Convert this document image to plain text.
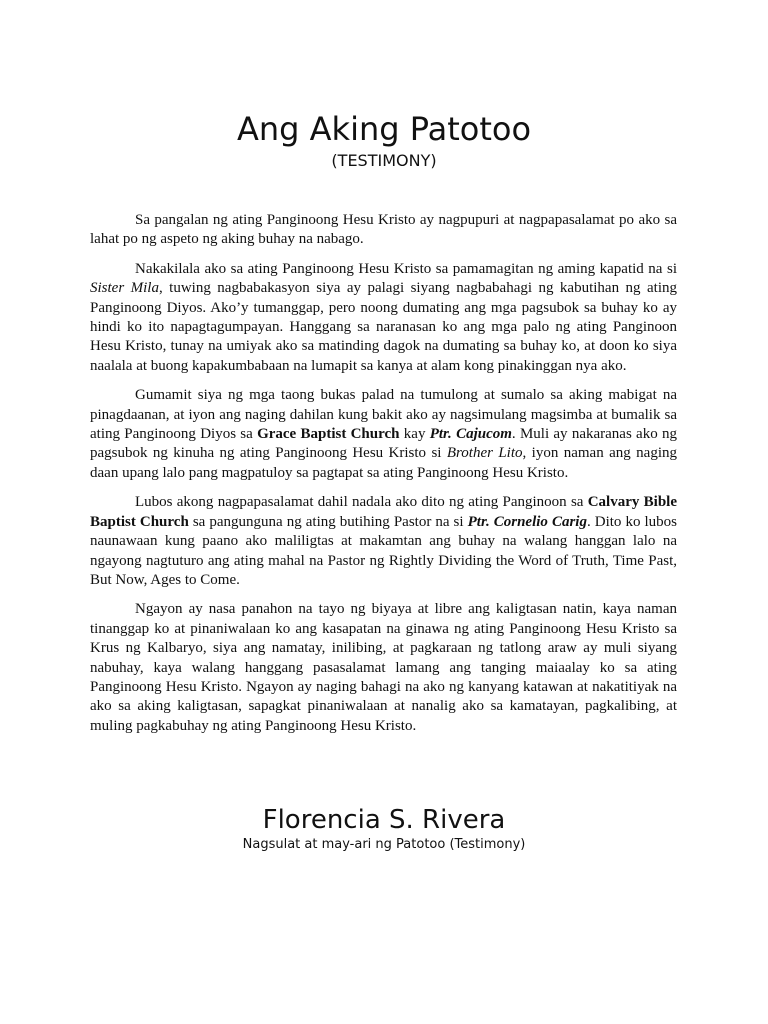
Ang Aking Patotoo
(TESTIMONY)

Sa pangalan ng ating Panginoong Hesu Kristo ay nagpupuri at nagpapasalamat po ako sa lahat po ng aspeto ng aking buhay na nabago.

Nakakilala ako sa ating Panginoong Hesu Kristo sa pamamagitan ng aming kapatid na si Sister Mila, tuwing nagbabakasyon siya ay palagi siyang nagbabahagi ng kabutihan ng ating Panginoong Diyos. Ako’y tumanggap, pero noong dumating ang mga pagsubok sa buhay ko ay hindi ko ito napagtagumpayan. Hanggang sa naranasan ko ang mga palo ng ating Panginoon Hesu Kristo, tunay na umiyak ako sa matinding dagok na dumating sa buhay ko, at doon ko siya naalala at buong kapakumbabaan na lumapit sa kanya at alam kong pinakinggan nya ako.

Gumamit siya ng mga taong bukas palad na tumulong at sumalo sa aking mabigat na pinagdaanan, at iyon ang naging dahilan kung bakit ako ay nagsimulang magsimba at bumalik sa ating Panginoong Diyos sa Grace Baptist Church kay Ptr. Cajucom. Muli ay nakaranas ako ng pagsubok ng kinuha ng ating Panginoong Hesu Kristo si Brother Lito, iyon naman ang naging daan upang lalo pang magpatuloy sa pagtapat sa ating Panginoong Hesu Kristo.

Lubos akong nagpapasalamat dahil nadala ako dito ng ating Panginoon sa Calvary Bible Baptist Church sa pangunguna ng ating butihing Pastor na si Ptr. Cornelio Carig. Dito ko lubos naunawaan kung paano ako maliligtas at makamtan ang buhay na walang hanggan lalo na ngayong nagtuturo ang ating mahal na Pastor ng Rightly Dividing the Word of Truth, Time Past, But Now, Ages to Come.

Ngayon ay nasa panahon na tayo ng biyaya at libre ang kaligtasan natin, kaya naman tinanggap ko at pinaniwalaan ko ang kasapatan na ginawa ng ating Panginoong Hesu Kristo sa Krus ng Kalbaryo, siya ang namatay, inilibing, at pagkaraan ng tatlong araw ay muli siyang nabuhay, kaya walang hanggang pasasalamat lamang ang tanging maiaalay ko sa ating Panginoong Hesu Kristo. Ngayon ay naging bahagi na ako ng kanyang katawan at nakatitiyak na ako sa aking kaligtasan, sapagkat pinaniwalaan at nanalig ako sa kamatayan, pagkalibing, at muling pagkabuhay ng ating Panginoong Hesu Kristo.

Florencia S. Rivera
Nagsulat at may-ari ng Patotoo (Testimony)
